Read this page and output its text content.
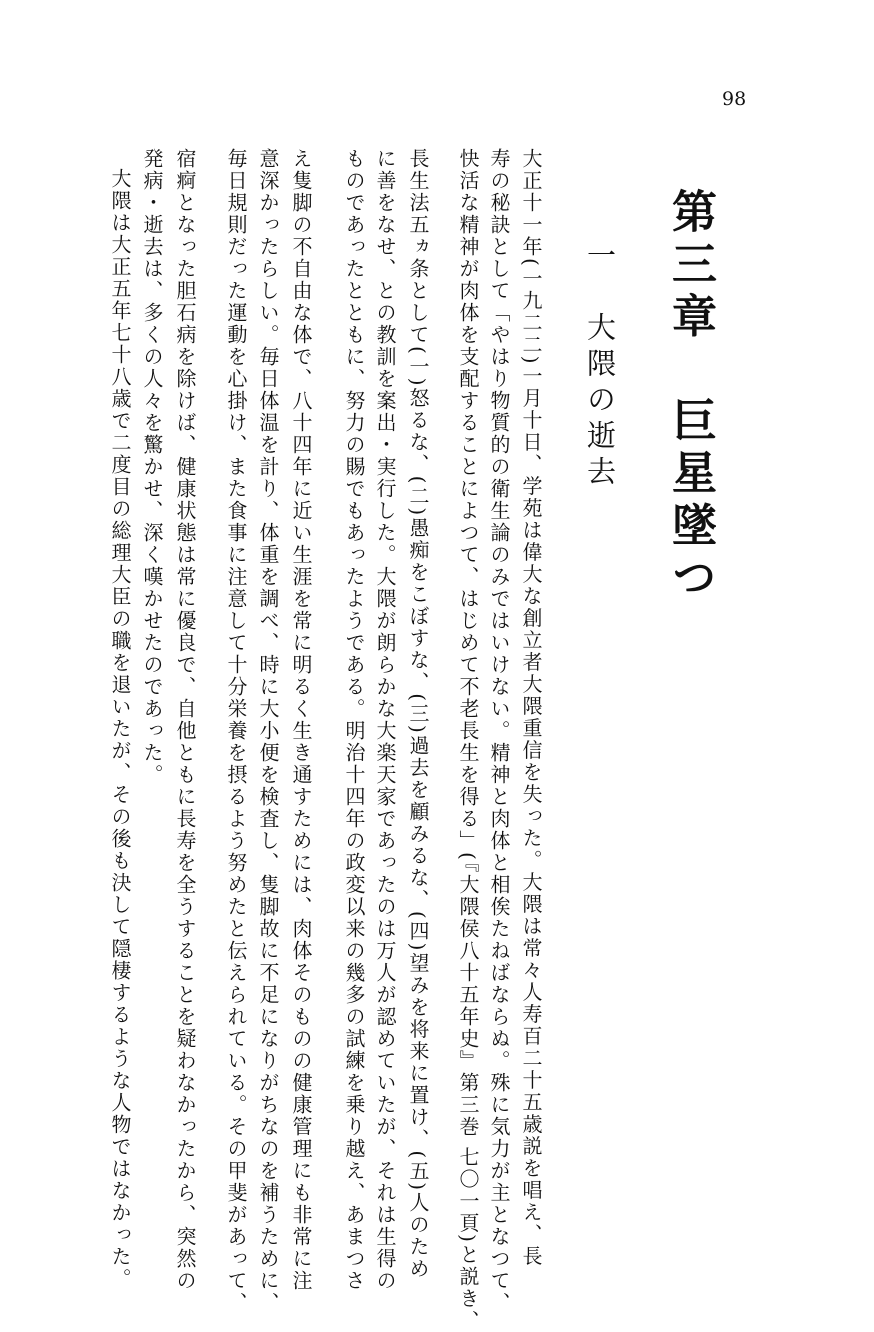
98
第三章　巨星墜つ
一　大隈の逝去
大正十一年(一九二二)一月十日、学苑は偉大な創立者大隈重信を失った。大隈は常々人寿百二十五歳説を唱え、長
寿の秘訣として「やはり物質的の衛生論のみではいけない。精神と肉体と相俟たねばならぬ。殊に気力が主となつて、
快活な精神が肉体を支配することによつて、はじめて不老長生を得る」(『大隈侯八十五年史』第三巻 七〇一頁)と説き、
長生法五ヵ条として(一)怒るな、(二)愚痴をこぼすな、(三)過去を顧みるな、(四)望みを将来に置け、(五)人のため
に善をなせ、との教訓を案出・実行した。大隈が朗らかな大楽天家であったのは万人が認めていたが、それは生得の
ものであったとともに、努力の賜でもあったようである。明治十四年の政変以来の幾多の試練を乗り越え、あまつさ
え隻脚の不自由な体で、八十四年に近い生涯を常に明るく生き通すためには、肉体そのものの健康管理にも非常に注
意深かったらしい。毎日体温を計り、体重を調べ、時に大小便を検査し、隻脚故に不足になりがちなのを補うために、
毎日規則だった運動を心掛け、また食事に注意して十分栄養を摂るよう努めたと伝えられている。その甲斐があって、
宿痾となった胆石病を除けば、健康状態は常に優良で、自他ともに長寿を全うすることを疑わなかったから、突然の
発病・逝去は、多くの人々を驚かせ、深く嘆かせたのであった。
大隈は大正五年七十八歳で二度目の総理大臣の職を退いたが、その後も決して隠棲するような人物ではなかった。
